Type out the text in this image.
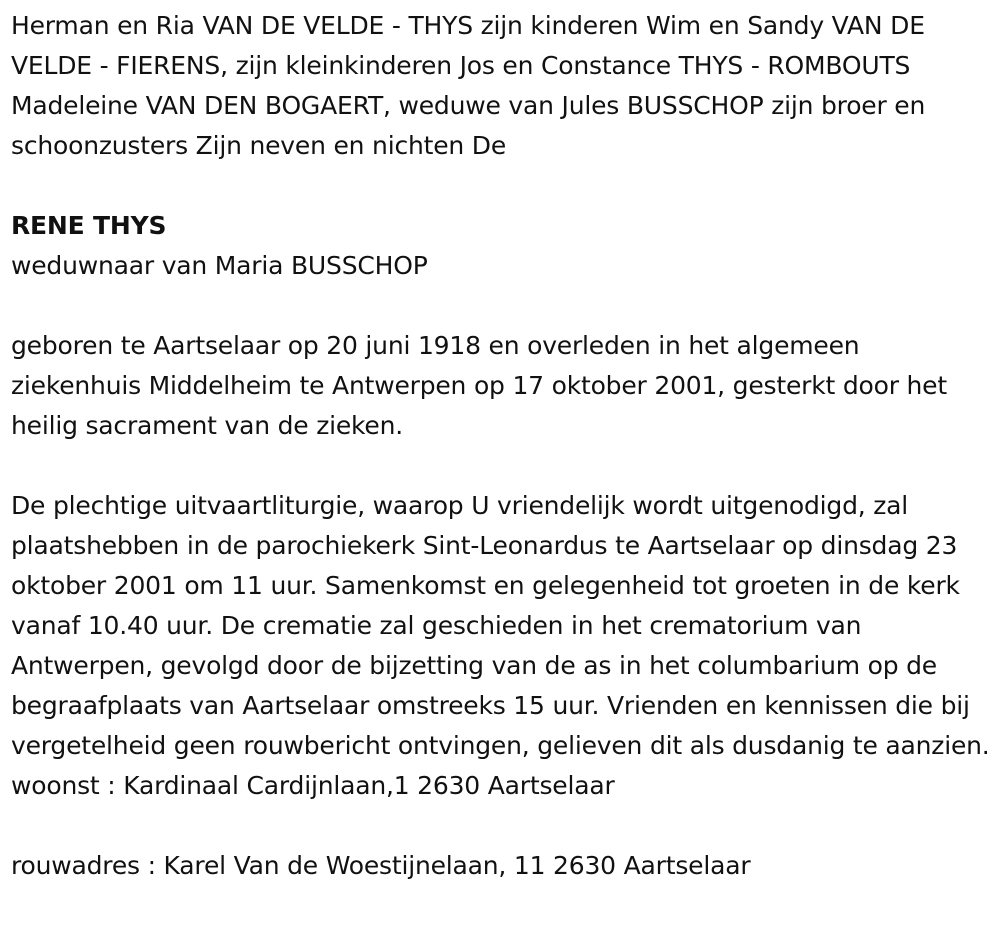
Herman en Ria VAN DE VELDE - THYS zijn kinderen Wim en Sandy VAN DE VELDE - FIERENS, zijn kleinkinderen Jos en Constance THYS - ROMBOUTS Madeleine VAN DEN BOGAERT, weduwe van Jules BUSSCHOP zijn broer en schoonzusters Zijn neven en nichten De

RENE THYS

weduwnaar van Maria BUSSCHOP

geboren te Aartselaar op 20 juni 1918 en overleden in het algemeen ziekenhuis Middelheim te Antwerpen op 17 oktober 2001, gesterkt door het heilig sacrament van de zieken.

De plechtige uitvaartliturgie, waarop U vriendelijk wordt uitgenodigd, zal plaatshebben in de parochiekerk Sint-Leonardus te Aartselaar op dinsdag 23 oktober 2001 om 11 uur. Samenkomst en gelegenheid tot groeten in de kerk vanaf 10.40 uur. De crematie zal geschieden in het crematorium van Antwerpen, gevolgd door de bijzetting van de as in het columbarium op de begraafplaats van Aartselaar omstreeks 15 uur. Vrienden en kennissen die bij vergetelheid geen rouwbericht ontvingen, gelieven dit als dusdanig te aanzien. woonst : Kardinaal Cardijnlaan,1 2630 Aartselaar

rouwadres : Karel Van de Woestijnelaan, 11 2630 Aartselaar
